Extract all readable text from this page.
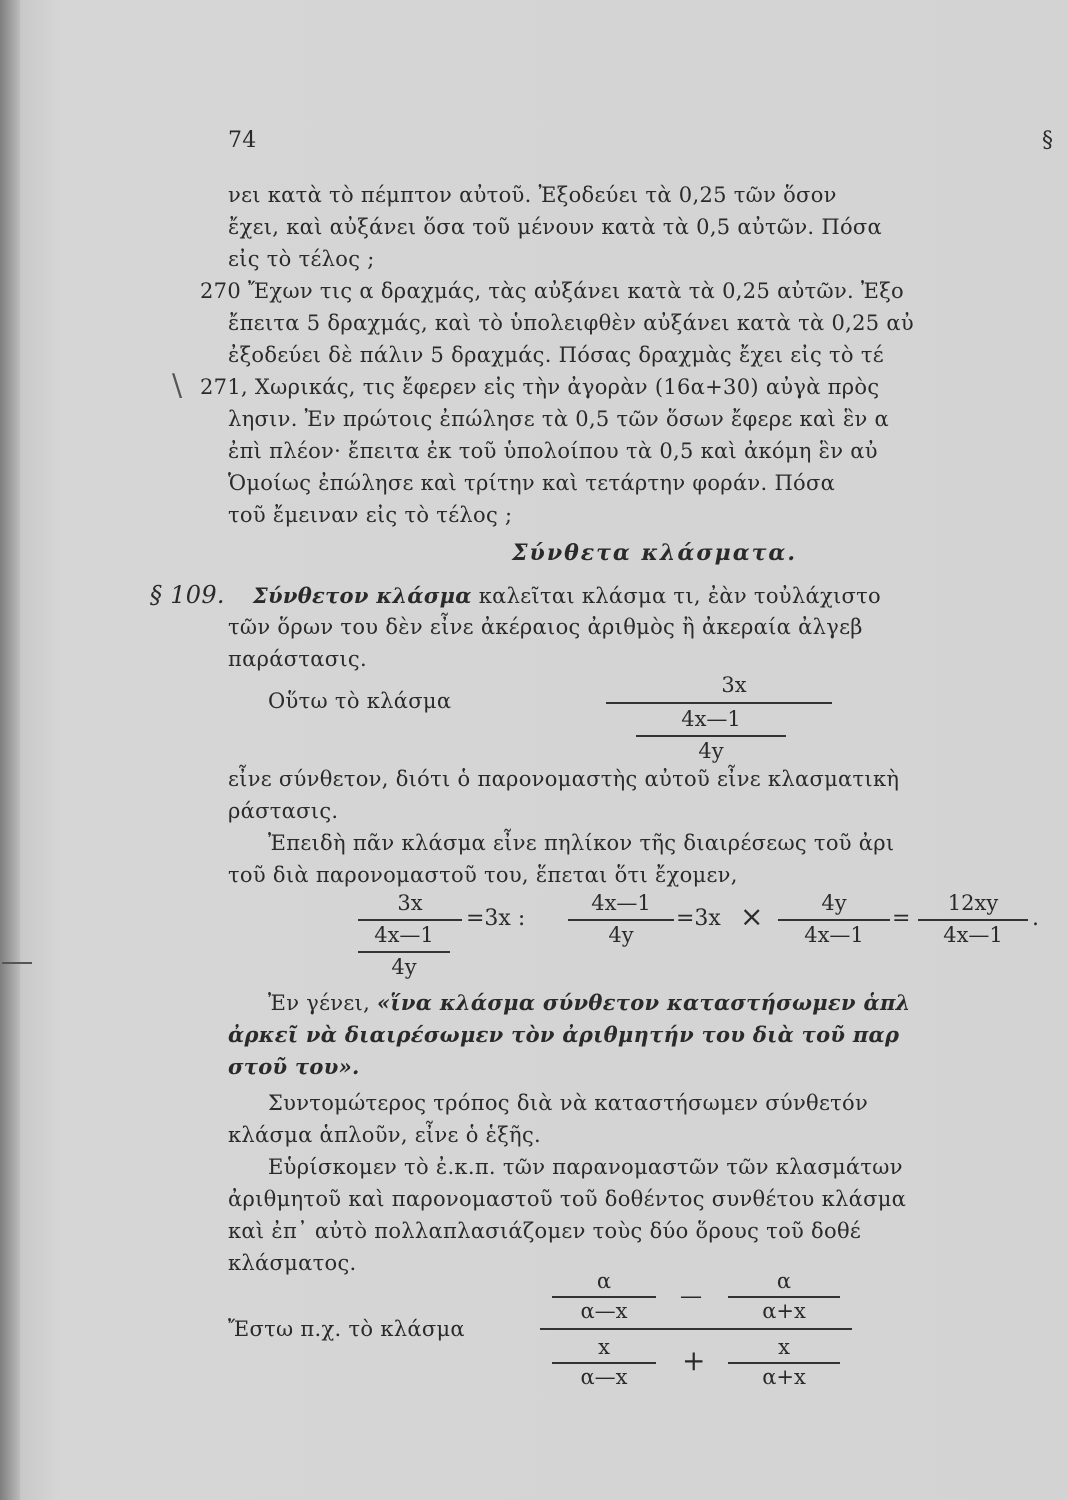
74	§
νει κατὰ τὸ πέμπτον αὐτοῦ. Ἐξοδεύει τὰ 0,25 τῶν ὅσον
ἔχει, καὶ αὐξάνει ὅσα τοῦ μένουν κατὰ τὰ 0,5 αὐτῶν. Πόσα
εἰς τὸ τέλος ;
270 Ἔχων τις α δραχμάς, τὰς αὐξάνει κατὰ τὰ 0,25 αὐτῶν. Ἐξο
ἔπειτα 5 δραχμάς, καὶ τὸ ὑπολειφθὲν αὐξάνει κατὰ τὰ 0,25 αὐ
ἐξοδεύει δὲ πάλιν 5 δραχμάς. Πόσας δραχμὰς ἔχει εἰς τὸ τέ
\ 271, Χωρικάς, τις ἔφερεν εἰς τὴν ἀγορὰν (16α+30) αὐγὰ πρὸς
λησιν. Ἐν πρώτοις ἐπώλησε τὰ 0,5 τῶν ὅσων ἔφερε καὶ ἓν α
ἐπὶ πλέον· ἔπειτα ἐκ τοῦ ὑπολοίπου τὰ 0,5 καὶ ἀκόμη ἓν αὐ
Ὁμοίως ἐπώλησε καὶ τρίτην καὶ τετάρτην φοράν. Πόσα
τοῦ ἔμειναν εἰς τὸ τέλος ;
Σύνθετα κλάσματα.
§ 109. Σύνθετον κλάσμα καλεῖται κλάσμα τι, ἐὰν τοὐλάχιστο
τῶν ὅρων του δὲν εἶνε ἀκέραιος ἀριθμὸς ἢ ἀκεραία ἀλγεβ
παράστασις.
Οὕτω τὸ κλάσμα
3x
4x—1
4y
εἶνε σύνθετον, διότι ὁ παρονομαστὴς αὐτοῦ εἶνε κλασματικὴ
ράστασις.
Ἐπειδὴ πᾶν κλάσμα εἶνε πηλίκον τῆς διαιρέσεως τοῦ ἀρι
τοῦ διὰ παρονομαστοῦ του, ἕπεται ὅτι ἔχομεν,
3x
4x—1
4y
=3x :
4x—1
4y
=3x ×	4y
4x—1
=
12xy
4x—1
.
Ἐν γένει, «ἵνα κλάσμα σύνθετον καταστήσωμεν ἁπλ
ἀρκεῖ νὰ διαιρέσωμεν τὸν ἀριθμητήν του διὰ τοῦ παρ
στοῦ του».
Συντομώτερος τρόπος διὰ νὰ καταστήσωμεν σύνθετόν
κλάσμα ἁπλοῦν, εἶνε ὁ ἑξῆς.
Εὑρίσκομεν τὸ ἐ.κ.π. τῶν παρανομαστῶν τῶν κλασμάτων
ἀριθμητοῦ καὶ παρονομαστοῦ τοῦ δοθέντος συνθέτου κλάσμα
καὶ ἐπ᾽ αὐτὸ πολλαπλασιάζομεν τοὺς δύο ὅρους τοῦ δοθέ
κλάσματος.
Ἔστω π.χ. τὸ κλάσμα
α
α—x
—
α
α+x
x
α—x	+	x
α+x
